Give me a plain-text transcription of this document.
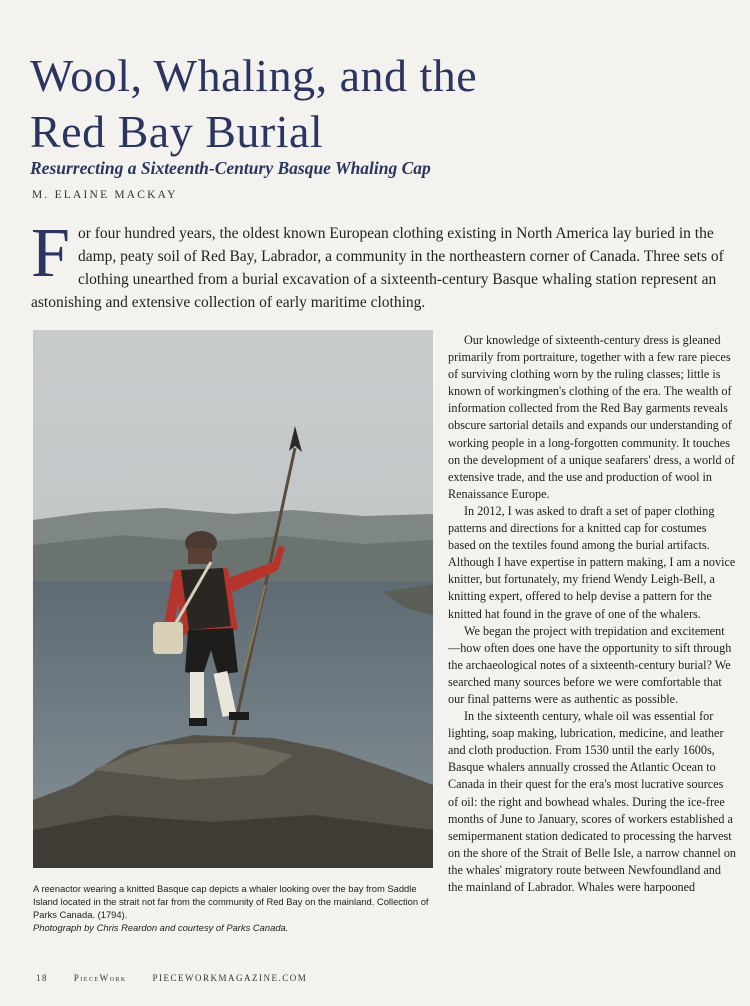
Wool, Whaling, and the Red Bay Burial
Resurrecting a Sixteenth-Century Basque Whaling Cap
M. ELAINE MACKAY

For four hundred years, the oldest known European clothing existing in North America lay buried in the damp, peaty soil of Red Bay, Labrador, a community in the northeastern corner of Canada. Three sets of clothing unearthed from a burial excavation of a sixteenth-century Basque whaling station represent an astonishing and extensive collection of early maritime clothing.

A reenactor wearing a knitted Basque cap depicts a whaler looking over the bay from Saddle Island located in the strait not far from the community of Red Bay on the mainland. Collection of Parks Canada. (1794).
Photograph by Chris Reardon and courtesy of Parks Canada.

Our knowledge of sixteenth-century dress is gleaned primarily from portraiture, together with a few rare pieces of surviving clothing worn by the ruling classes; little is known of workingmen's clothing of the era. The wealth of information collected from the Red Bay garments reveals obscure sartorial details and expands our understanding of working people in a long-forgotten community. It touches on the development of a unique seafarers' dress, a world of extensive trade, and the use and production of wool in Renaissance Europe.

In 2012, I was asked to draft a set of paper clothing patterns and directions for a knitted cap for costumes based on the textiles found among the burial artifacts. Although I have expertise in pattern making, I am a novice knitter, but fortunately, my friend Wendy Leigh-Bell, a knitting expert, offered to help devise a pattern for the knitted hat found in the grave of one of the whalers.

We began the project with trepidation and excitement—how often does one have the opportunity to sift through the archaeological notes of a sixteenth-century burial? We searched many sources before we were comfortable that our final patterns were as authentic as possible.

In the sixteenth century, whale oil was essential for lighting, soap making, lubrication, medicine, and leather and cloth production. From 1530 until the early 1600s, Basque whalers annually crossed the Atlantic Ocean to Canada in their quest for the era's most lucrative sources of oil: the right and bowhead whales. During the ice-free months of June to January, scores of workers established a semipermanent station dedicated to processing the harvest on the shore of the Strait of Belle Isle, a narrow channel on the whales' migratory route between Newfoundland and the mainland of Labrador. Whales were harpooned

18	PieceWork	PIECEWORKMAGAZINE.COM
